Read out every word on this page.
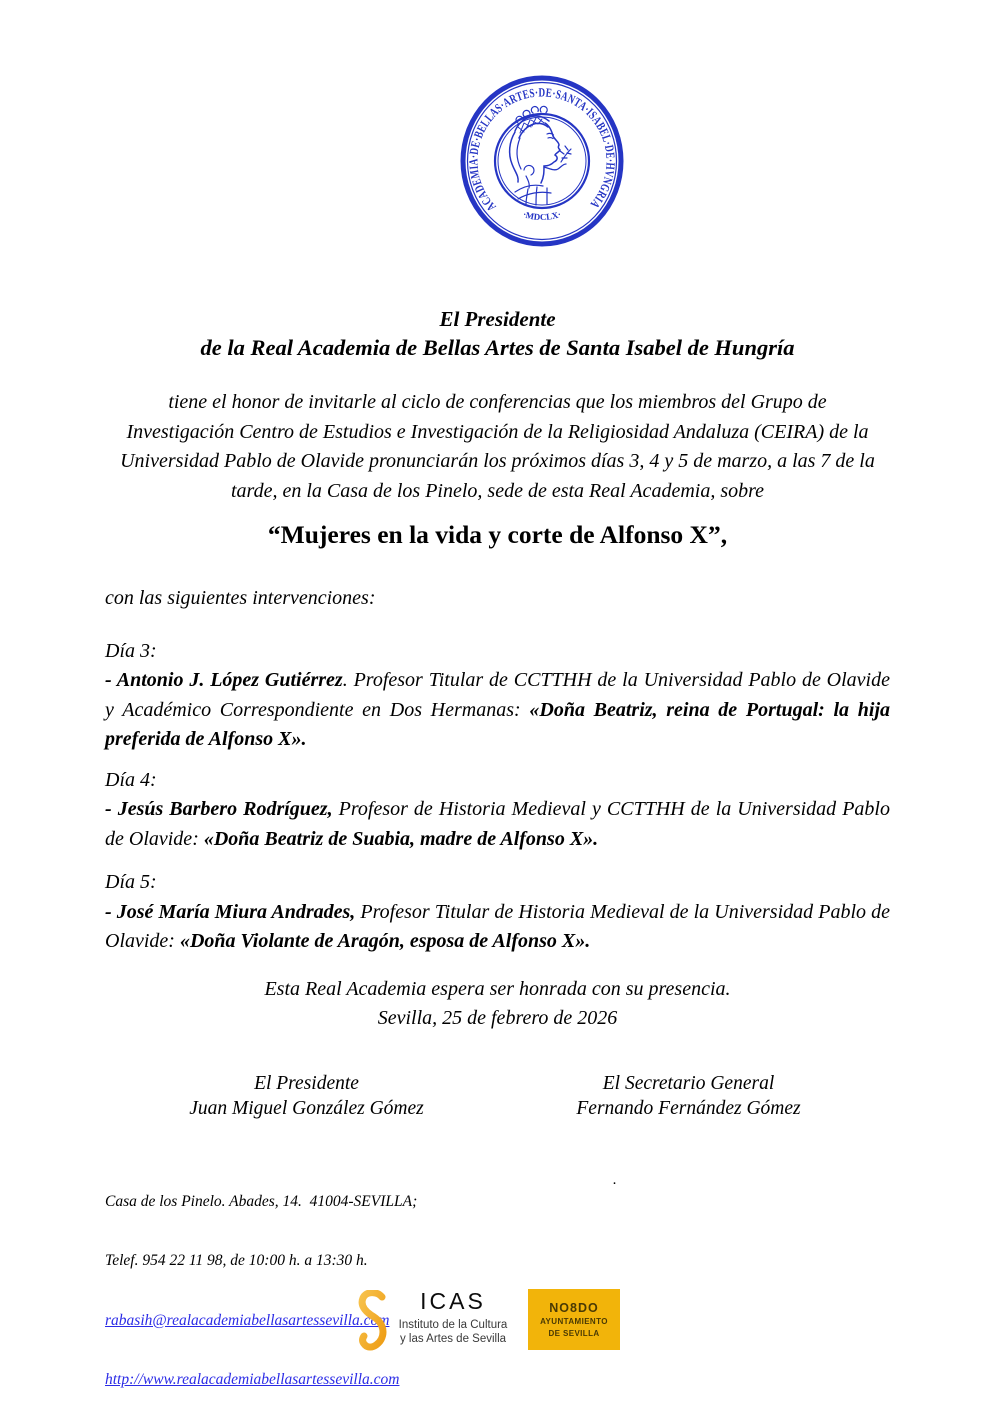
ACADEMIA·DE·BELLAS·ARTES·DE·SANTA·ISABEL·DE·HVNGRIA
·MDCLX·
El Presidente
de la Real Academia de Bellas Artes de Santa Isabel de Hungría
tiene el honor de invitarle al ciclo de conferencias que los miembros del Grupo de
Investigación Centro de Estudios e Investigación de la Religiosidad Andaluza (CEIRA) de la
Universidad Pablo de Olavide pronunciarán los próximos días 3, 4 y 5 de marzo, a las 7 de la
tarde, en la Casa de los Pinelo, sede de esta Real Academia, sobre
“Mujeres en la vida y corte de Alfonso X”,
con las siguientes intervenciones:
Día 3:
- Antonio J. López Gutiérrez. Profesor Titular de CCTTHH de la Universidad Pablo de Olavide y Académico Correspondiente en Dos Hermanas: «Doña Beatriz, reina de Portugal: la hija preferida de Alfonso X».
Día 4:
- Jesús Barbero Rodríguez, Profesor de Historia Medieval y CCTTHH de la Universidad Pablo de Olavide: «Doña Beatriz de Suabia, madre de Alfonso X».
Día 5:
- José María Miura Andrades, Profesor Titular de Historia Medieval de la Universidad Pablo de Olavide: «Doña Violante de Aragón, esposa de Alfonso X».
Esta Real Academia espera ser honrada con su presencia.
Sevilla, 25 de febrero de 2026
El Presidente
Juan Miguel González Gómez
El Secretario General
Fernando Fernández Gómez

Casa de los Pinelo. Abades, 14.  41004-SEVILLA;

Telef. 954 22 11 98, de 10:00 h. a 13:30 h.

rabasih@realacademiabellasartessevilla.com

http://www.realacademiabellasartessevilla.com

.
ICAS
Instituto de la Cultura
y las Artes de Sevilla
NO8DO
AYUNTAMIENTO
DE SEVILLA
